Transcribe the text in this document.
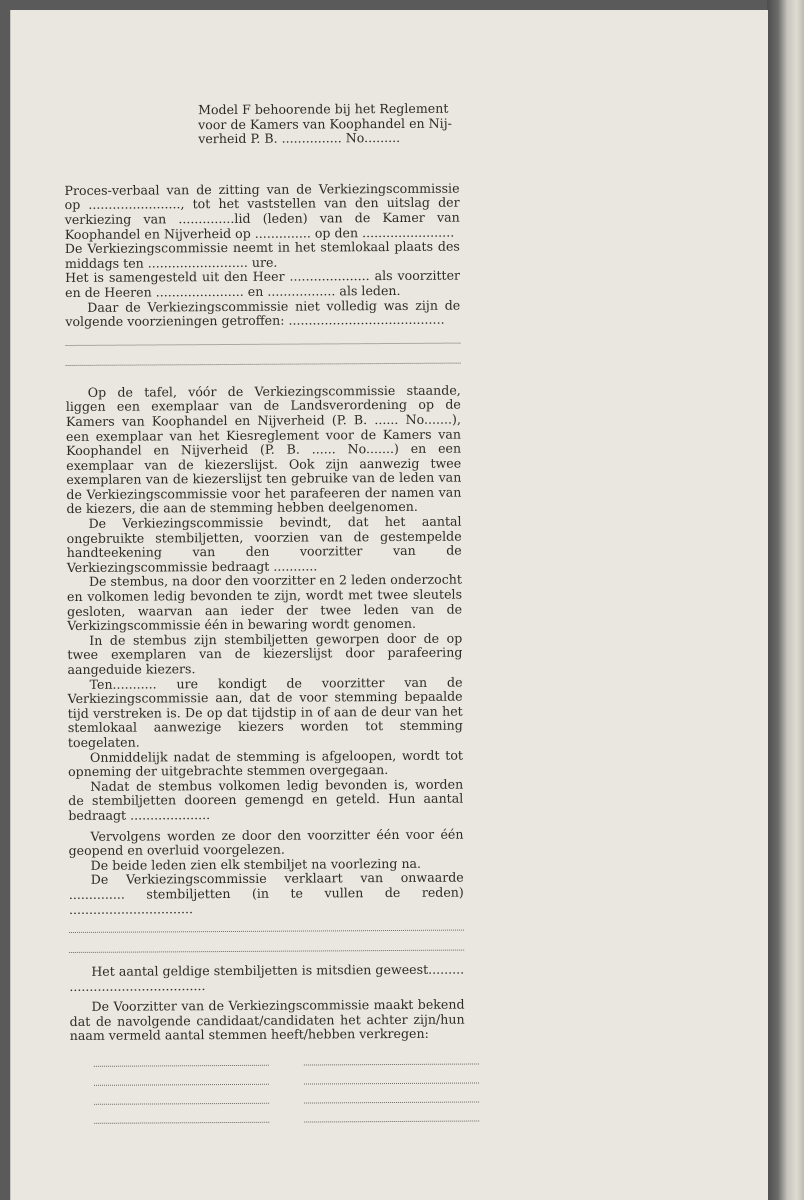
Model F behoorende bij het Reglement

voor de Kamers van Koophandel en Nij-

verheid P. B. ............... No.........

Proces-verbaal van de zitting van de Verkiezingscommissie op ......................., tot het vaststellen van den uitslag der verkiezing van ..............lid (leden) van de Kamer van Koophandel en Nijverheid op .............. op den .......................

De Verkiezingscommissie neemt in het stemlokaal plaats des middags ten ......................... ure.

Het is samengesteld uit den Heer .................... als voorzitter en de Heeren ...................... en ................. als leden.

Daar de Verkiezingscommissie niet volledig was zijn de volgende voorzieningen getroffen: .......................................

Op de tafel, vóór de Verkiezingscommissie staande, liggen een exemplaar van de Landsverordening op de Kamers van Koophandel en Nijverheid (P. B. ...... No.......), een exemplaar van het Kiesreglement voor de Kamers van Koophandel en Nijverheid (P. B. ...... No.......) en een exemplaar van de kiezerslijst. Ook zijn aanwezig twee exemplaren van de kiezerslijst ten gebruike van de leden van de Verkiezingscommissie voor het parafeeren der namen van de kiezers, die aan de stemming hebben deelgenomen.

De Verkiezingscommissie bevindt, dat het aantal ongebruikte stembiljetten, voorzien van de gestempelde handteekening van den voorzitter van de Verkiezingscommissie bedraagt ...........

De stembus, na door den voorzitter en 2 leden onderzocht en volkomen ledig bevonden te zijn, wordt met twee sleutels gesloten, waarvan aan ieder der twee leden van de Verkizingscommissie één in bewaring wordt genomen.

In de stembus zijn stembiljetten geworpen door de op twee exemplaren van de kiezerslijst door parafeering aangeduide kiezers.

Ten........... ure kondigt de voorzitter van de Verkiezingscommissie aan, dat de voor stemming bepaalde tijd verstreken is. De op dat tijdstip in of aan de deur van het stemlokaal aanwezige kiezers worden tot stemming toegelaten.

Onmiddelijk nadat de stemming is afgeloopen, wordt tot opneming der uitgebrachte stemmen overgegaan.

Nadat de stembus volkomen ledig bevonden is, worden de stembiljetten dooreen gemengd en geteld. Hun aantal bedraagt ....................

Vervolgens worden ze door den voorzitter één voor één geopend en overluid voorgelezen.

De beide leden zien elk stembiljet na voorlezing na.

De Verkiezingscommissie verklaart van onwaarde .............. stembiljetten (in te vullen de reden) ...............................

Het aantal geldige stembiljetten is mitsdien geweest.........

..................................

De Voorzitter van de Verkiezingscommissie maakt bekend dat de navolgende candidaat/candidaten het achter zijn/hun naam vermeld aantal stemmen heeft/hebben verkregen:
